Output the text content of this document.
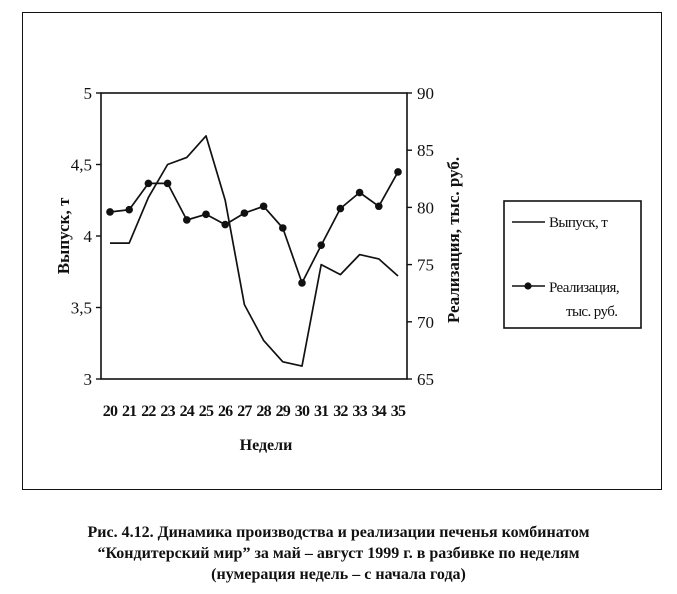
3
3,5
4
4,5
5
65
70
75
80
85
90
20 21 22 23 24 25 26 27 28 29 30 31 32 33 34 35
Выпуск, т	Реализация, тыс. руб.
Недели
Выпуск, т
Реализация,
тыс. руб.
Рис. 4.12. Динамика производства и реализации печенья комбинатом
“Кондитерский мир” за май – август 1999 г. в разбивке по неделям
(нумерация недель – с начала года)
